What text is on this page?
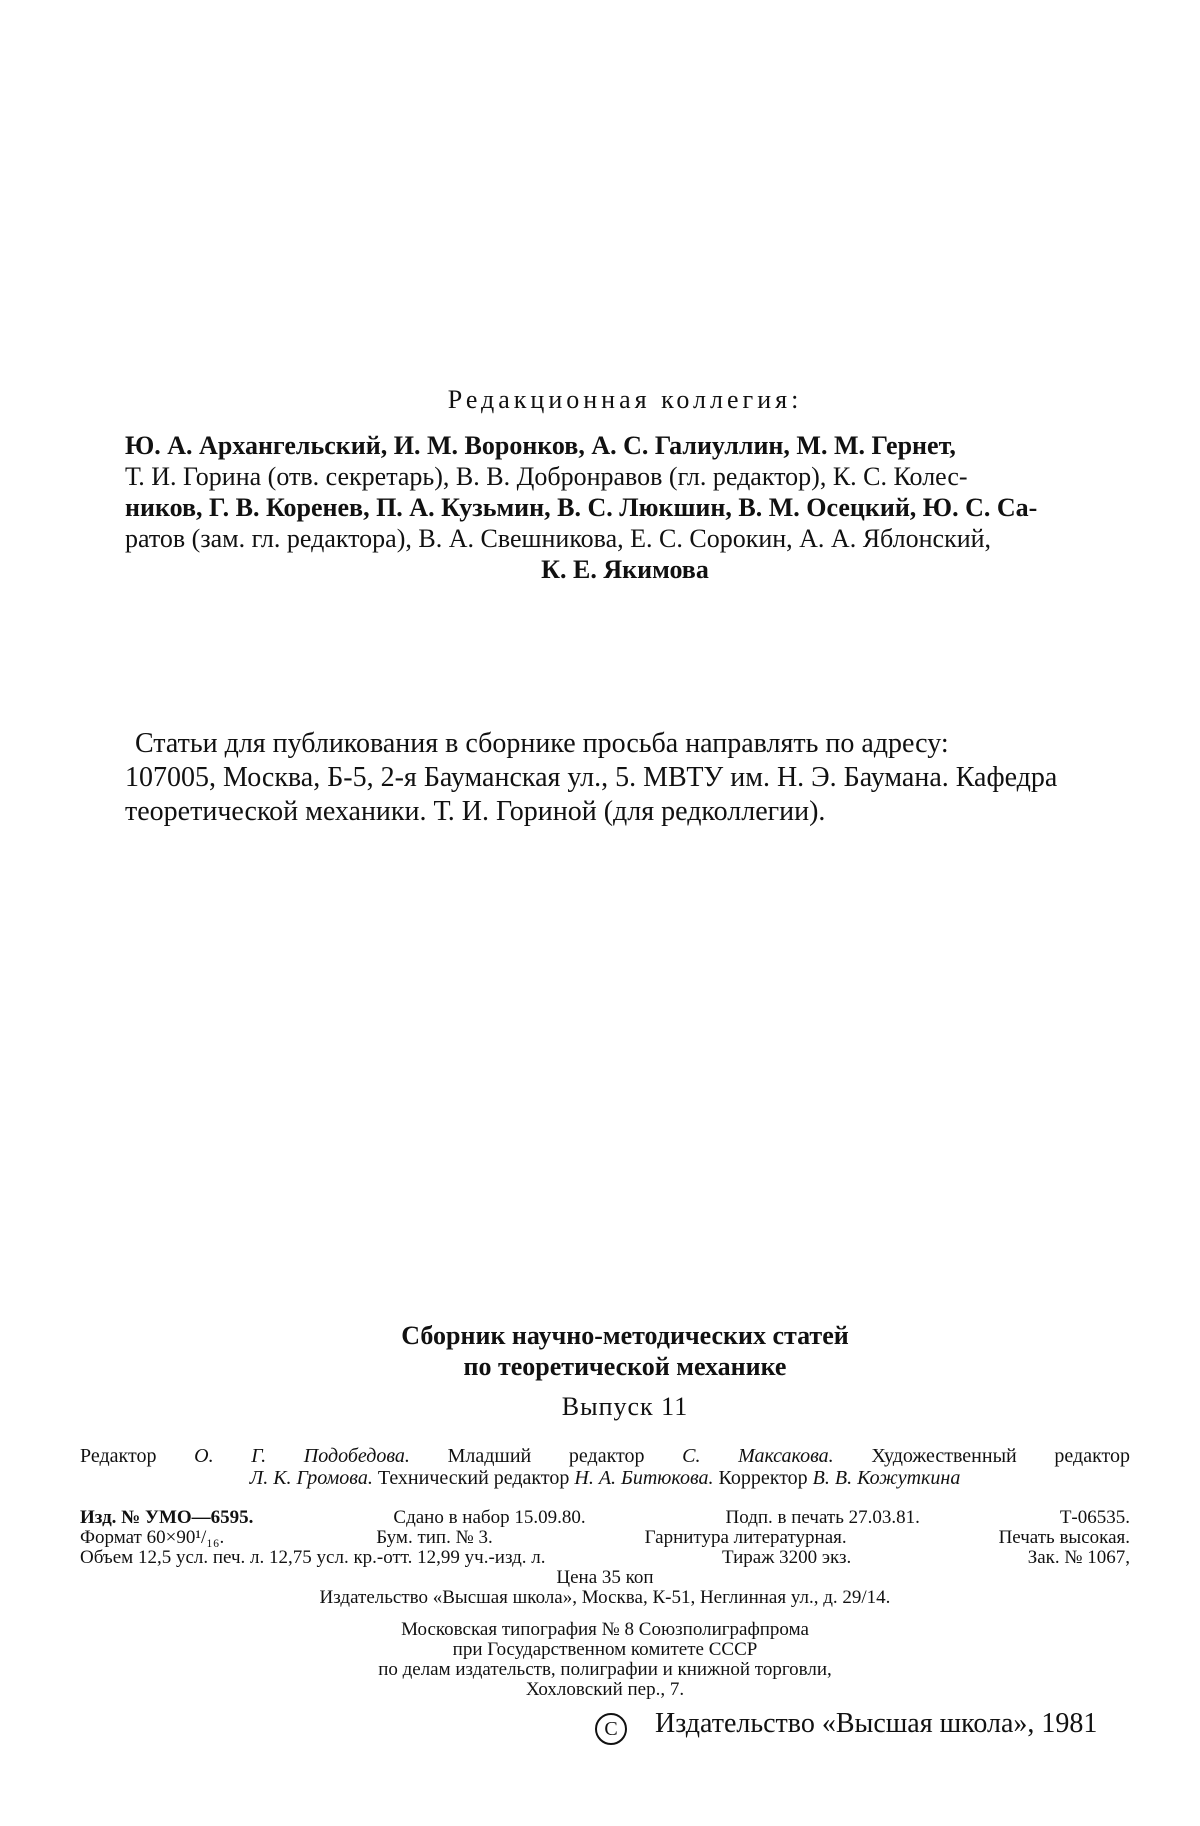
Редакционная коллегия:
Ю. А. Архангельский, И. М. Воронков, А. С. Галиуллин, М. М. Гернет,
Т. И. Горина (отв. секретарь), В. В. Добронравов (гл. редактор), К. С. Колес-
ников, Г. В. Коренев, П. А. Кузьмин, В. С. Люкшин, В. М. Осецкий, Ю. С. Са-
ратов (зам. гл. редактора), В. А. Свешникова, Е. С. Сорокин, А. А. Яблонский,
К. Е. Якимова
Статьи для публикования в сборнике просьба направлять по адресу:
107005, Москва, Б-5, 2-я Бауманская ул., 5. МВТУ им. Н. Э. Баумана. Кафедра
теоретической механики. Т. И. Гориной (для редколлегии).
Сборник научно-методических статей
по теоретической механике
Выпуск 11
Редактор О. Г. Подобедова. Младший редактор С. Максакова. Художественный редактор
Л. К. Громова. Технический редактор Н. А. Битюкова. Корректор В. В. Кожуткина
Изд. № УМО—6595.	Сдано в набор 15.09.80.	Подп. в печать 27.03.81.	Т-06535.
Формат 60×90¹/₁₆.	Бум. тип. № 3.	Гарнитура литературная.	Печать высокая.
Объем 12,5 усл. печ. л. 12,75 усл. кр.-отт. 12,99 уч.-изд. л.	Тираж 3200 экз.	Зак. № 1067,
Цена 35 коп
Издательство «Высшая школа», Москва, К-51, Неглинная ул., д. 29/14.
Московская типография № 8 Союзполиграфпрома
при Государственном комитете СССР
по делам издательств, полиграфии и книжной торговли,
Хохловский пер., 7.
C Издательство «Высшая школа», 1981
